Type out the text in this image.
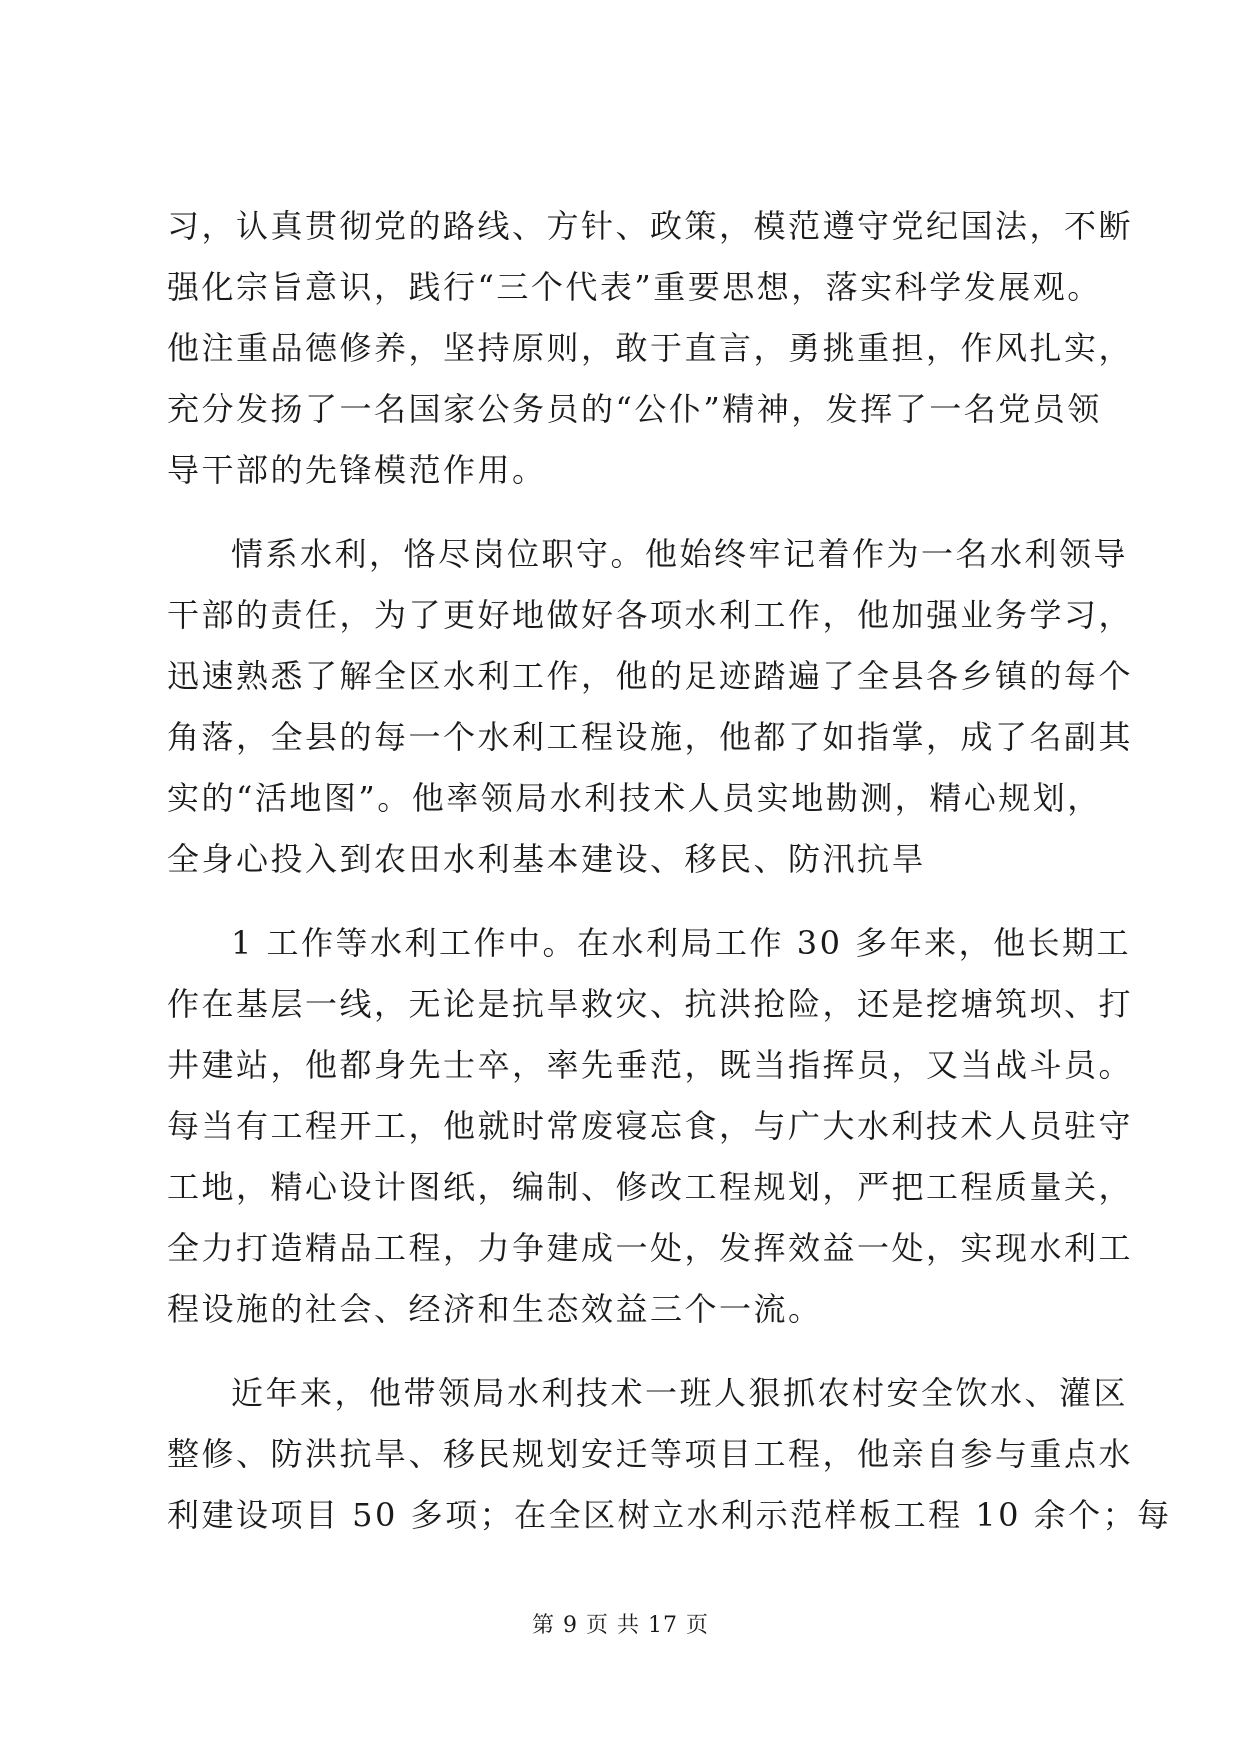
习，认真贯彻党的路线、方针、政策，模范遵守党纪国法，不断
强化宗旨意识，践行“三个代表”重要思想，落实科学发展观。
他注重品德修养，坚持原则，敢于直言，勇挑重担，作风扎实，
充分发扬了一名国家公务员的“公仆”精神，发挥了一名党员领
导干部的先锋模范作用。
情系水利，恪尽岗位职守。他始终牢记着作为一名水利领导
干部的责任，为了更好地做好各项水利工作，他加强业务学习，
迅速熟悉了解全区水利工作，他的足迹踏遍了全县各乡镇的每个
角落，全县的每一个水利工程设施，他都了如指掌，成了名副其
实的“活地图”。他率领局水利技术人员实地勘测，精心规划，
全身心投入到农田水利基本建设、移民、防汛抗旱
1 工作等水利工作中。在水利局工作 30 多年来，他长期工
作在基层一线，无论是抗旱救灾、抗洪抢险，还是挖塘筑坝、打
井建站，他都身先士卒，率先垂范，既当指挥员，又当战斗员。
每当有工程开工，他就时常废寝忘食，与广大水利技术人员驻守
工地，精心设计图纸，编制、修改工程规划，严把工程质量关，
全力打造精品工程，力争建成一处，发挥效益一处，实现水利工
程设施的社会、经济和生态效益三个一流。
近年来，他带领局水利技术一班人狠抓农村安全饮水、灌区
整修、防洪抗旱、移民规划安迁等项目工程，他亲自参与重点水
利建设项目 50 多项；在全区树立水利示范样板工程 10 余个；每
第 9 页 共 17 页
